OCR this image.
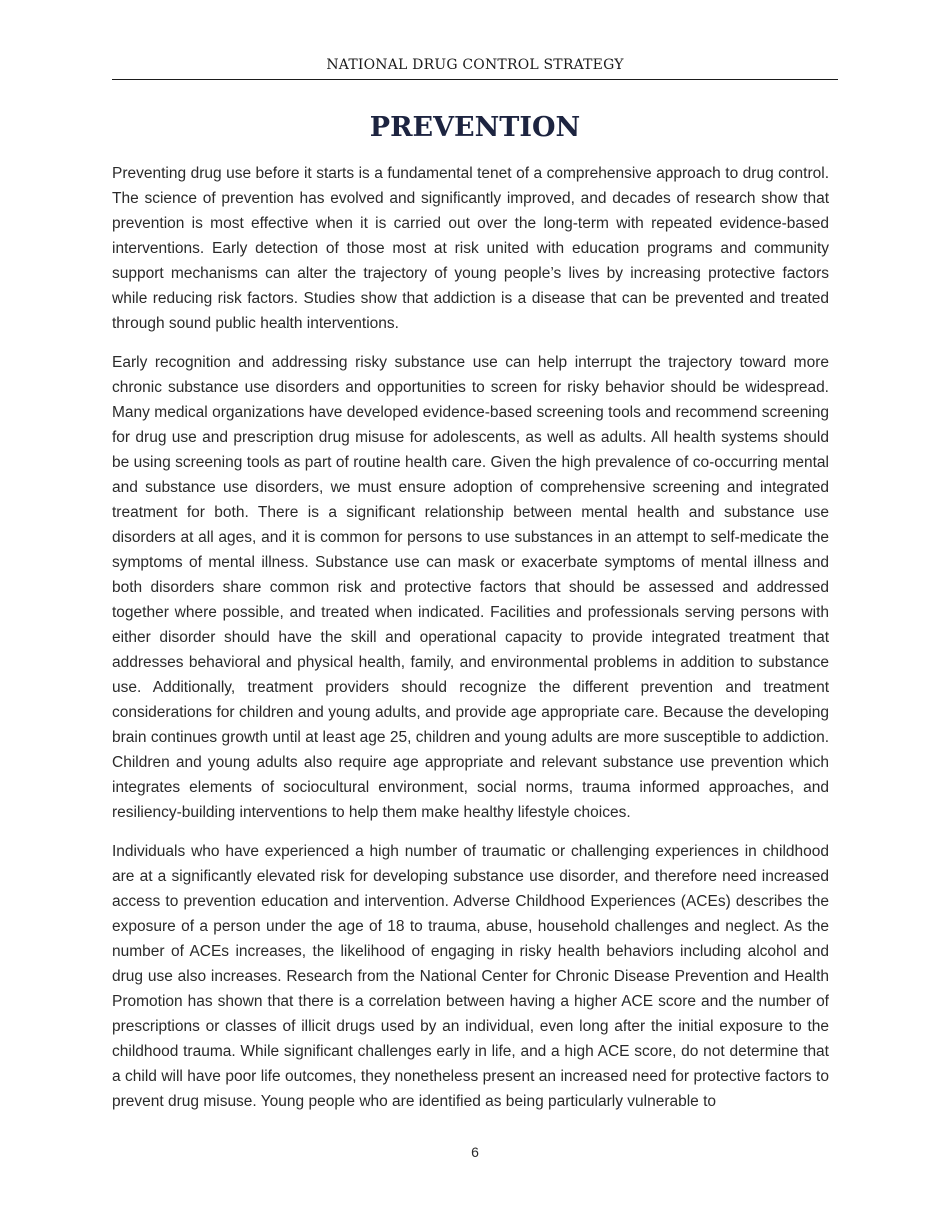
NATIONAL DRUG CONTROL STRATEGY
PREVENTION

Preventing drug use before it starts is a fundamental tenet of a comprehensive approach to drug control. The science of prevention has evolved and significantly improved, and decades of research show that prevention is most effective when it is carried out over the long-term with repeated evidence-based interventions. Early detection of those most at risk united with education programs and community support mechanisms can alter the trajectory of young people’s lives by increasing protective factors while reducing risk factors. Studies show that addiction is a disease that can be prevented and treated through sound public health interventions.

Early recognition and addressing risky substance use can help interrupt the trajectory toward more chronic substance use disorders and opportunities to screen for risky behavior should be widespread. Many medical organizations have developed evidence-based screening tools and recommend screening for drug use and prescription drug misuse for adolescents, as well as adults. All health systems should be using screening tools as part of routine health care. Given the high prevalence of co-occurring mental and substance use disorders, we must ensure adoption of comprehensive screening and integrated treatment for both. There is a significant relationship between mental health and substance use disorders at all ages, and it is common for persons to use substances in an attempt to self-medicate the symptoms of mental illness. Substance use can mask or exacerbate symptoms of mental illness and both disorders share common risk and protective factors that should be assessed and addressed together where possible, and treated when indicated. Facilities and professionals serving persons with either disorder should have the skill and operational capacity to provide integrated treatment that addresses behavioral and physical health, family, and environmental problems in addition to substance use. Additionally, treatment providers should recognize the different prevention and treatment considerations for children and young adults, and provide age appropriate care. Because the developing brain continues growth until at least age 25, children and young adults are more susceptible to addiction. Children and young adults also require age appropriate and relevant substance use prevention which integrates elements of sociocultural environment, social norms, trauma informed approaches, and resiliency-building interventions to help them make healthy lifestyle choices.

Individuals who have experienced a high number of traumatic or challenging experiences in childhood are at a significantly elevated risk for developing substance use disorder, and therefore need increased access to prevention education and intervention. Adverse Childhood Experiences (ACEs) describes the exposure of a person under the age of 18 to trauma, abuse, household challenges and neglect. As the number of ACEs increases, the likelihood of engaging in risky health behaviors including alcohol and drug use also increases. Research from the National Center for Chronic Disease Prevention and Health Promotion has shown that there is a correlation between having a higher ACE score and the number of prescriptions or classes of illicit drugs used by an individual, even long after the initial exposure to the childhood trauma. While significant challenges early in life, and a high ACE score, do not determine that a child will have poor life outcomes, they nonetheless present an increased need for protective factors to prevent drug misuse. Young people who are identified as being particularly vulnerable to

6
